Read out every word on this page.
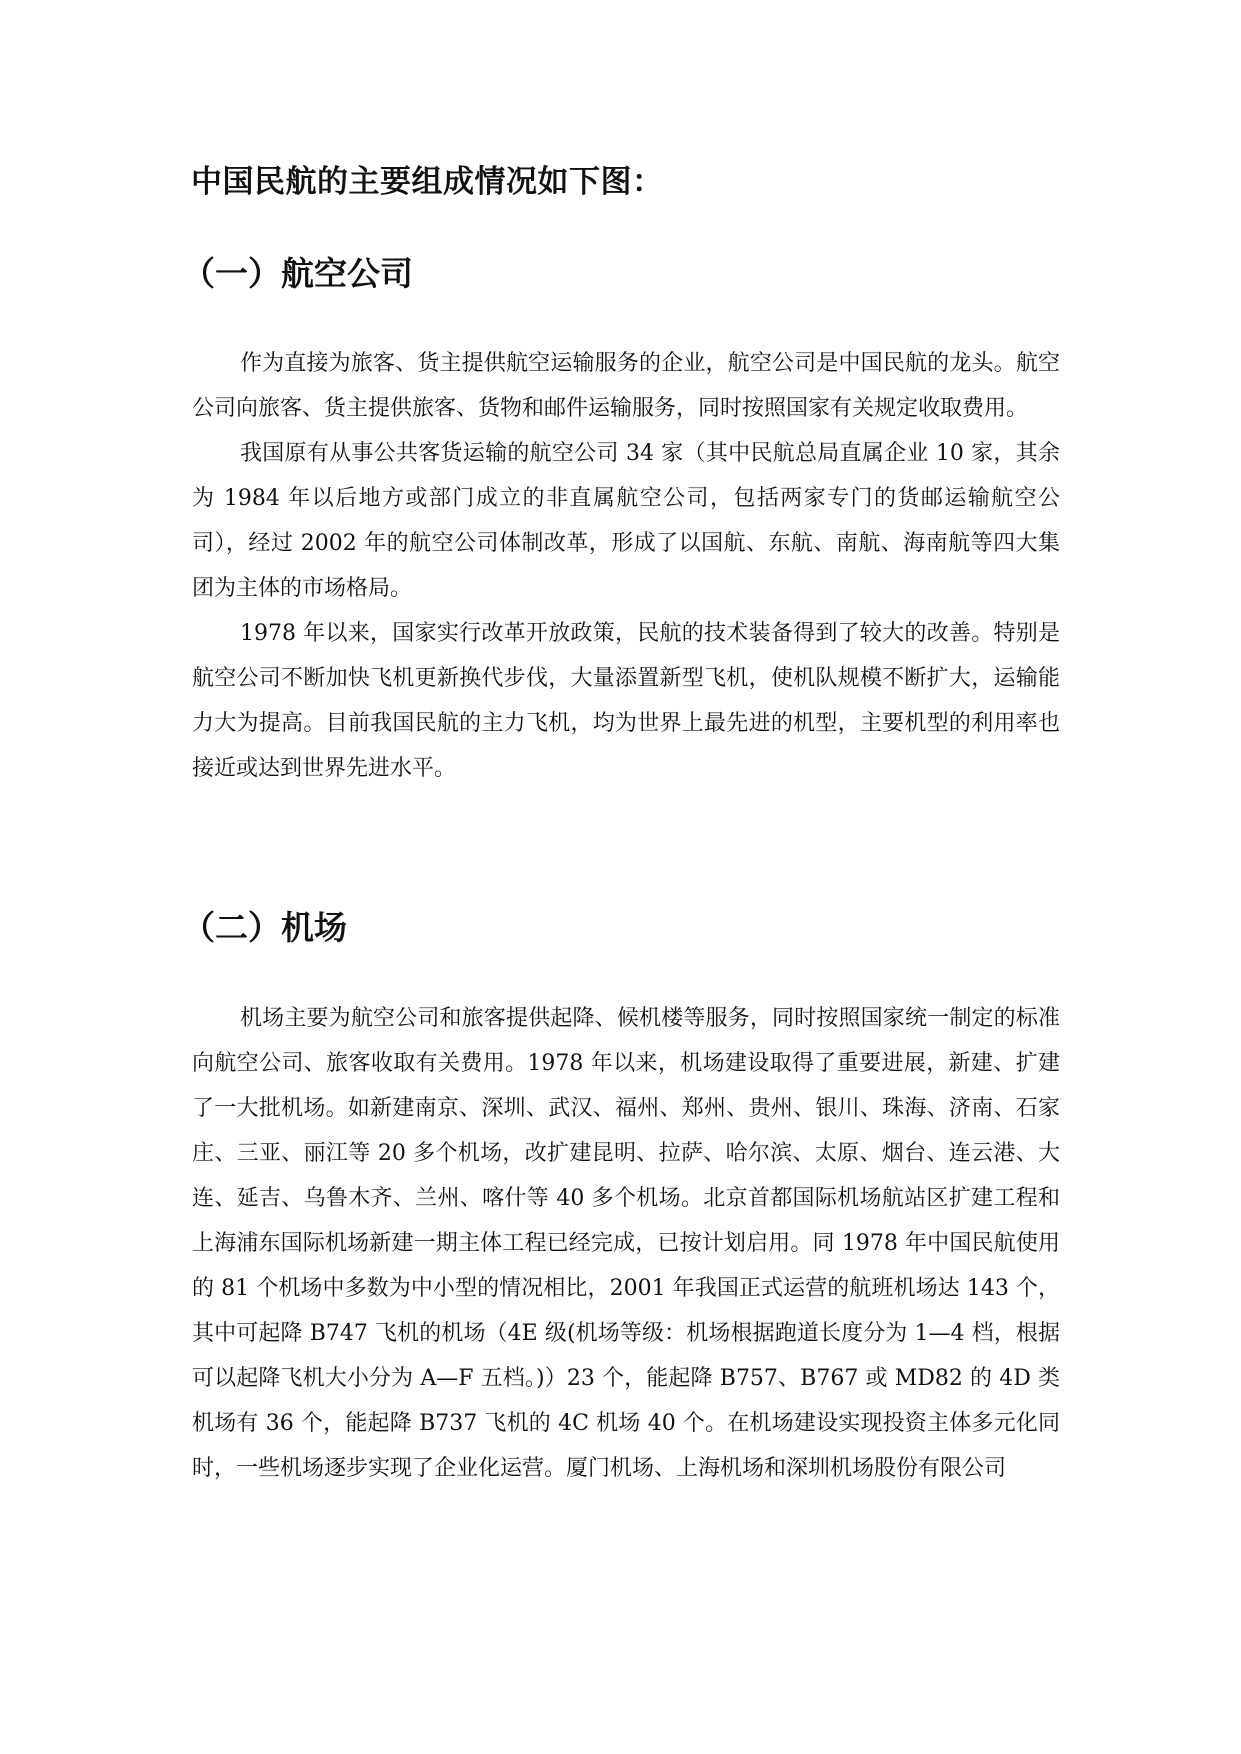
中国民航的主要组成情况如下图：
（一）航空公司

作为直接为旅客、货主提供航空运输服务的企业，航空公司是中国民航的龙头。航空公司向旅客、货主提供旅客、货物和邮件运输服务，同时按照国家有关规定收取费用。

我国原有从事公共客货运输的航空公司 34 家（其中民航总局直属企业 10 家，其余为 1984 年以后地方或部门成立的非直属航空公司，包括两家专门的货邮运输航空公司），经过 2002 年的航空公司体制改革，形成了以国航、东航、南航、海南航等四大集团为主体的市场格局。

1978 年以来，国家实行改革开放政策，民航的技术装备得到了较大的改善。特别是航空公司不断加快飞机更新换代步伐，大量添置新型飞机，使机队规模不断扩大，运输能力大为提高。目前我国民航的主力飞机，均为世界上最先进的机型，主要机型的利用率也接近或达到世界先进水平。

（二）机场

机场主要为航空公司和旅客提供起降、候机楼等服务，同时按照国家统一制定的标准向航空公司、旅客收取有关费用。1978 年以来，机场建设取得了重要进展，新建、扩建了一大批机场。如新建南京、深圳、武汉、福州、郑州、贵州、银川、珠海、济南、石家庄、三亚、丽江等 20 多个机场，改扩建昆明、拉萨、哈尔滨、太原、烟台、连云港、大连、延吉、乌鲁木齐、兰州、喀什等 40 多个机场。北京首都国际机场航站区扩建工程和上海浦东国际机场新建一期主体工程已经完成，已按计划启用。同 1978 年中国民航使用的 81 个机场中多数为中小型的情况相比，2001 年我国正式运营的航班机场达 143 个，其中可起降 B747 飞机的机场（4E 级(机场等级：机场根据跑道长度分为 1—4 档，根据可以起降飞机大小分为 A—F 五档。)）23 个，能起降 B757、B767 或 MD82 的 4D 类机场有 36 个，能起降 B737 飞机的 4C 机场 40 个。在机场建设实现投资主体多元化同时，一些机场逐步实现了企业化运营。厦门机场、上海机场和深圳机场股份有限公司
